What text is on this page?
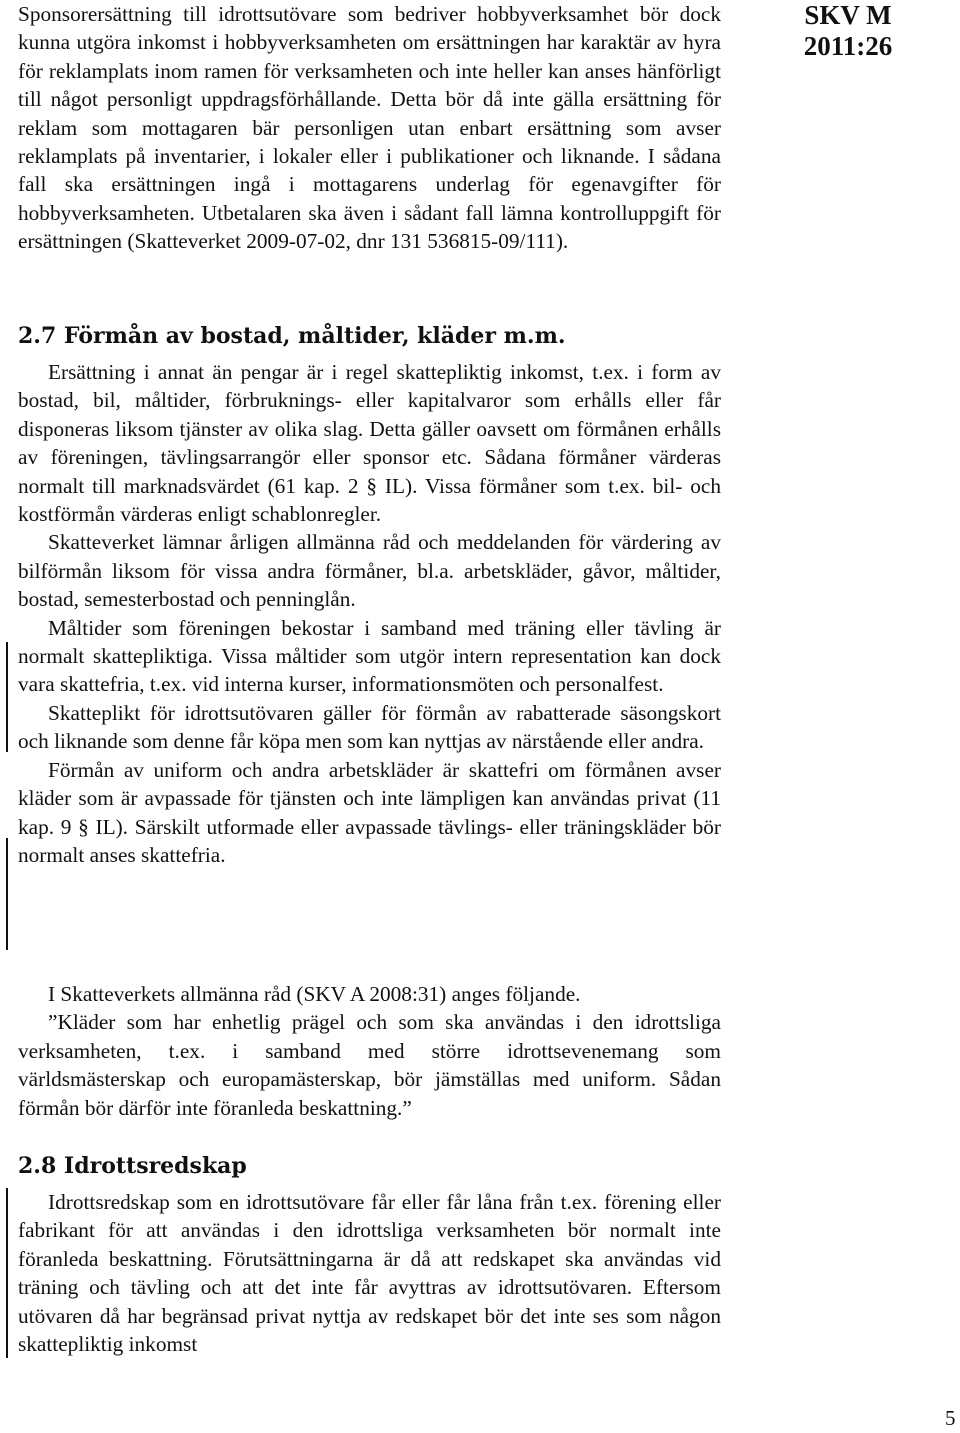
SKV M
2011:26

Sponsorersättning till idrottsutövare som bedriver hobbyverksamhet bör dock kunna utgöra inkomst i hobbyverksamheten om ersättningen har karaktär av hyra för reklamplats inom ramen för verksamheten och inte heller kan anses hänförligt till något personligt uppdragsförhållande. Detta bör då inte gälla ersättning för reklam som mottagaren bär personligen utan enbart ersättning som avser reklamplats på inventarier, i lokaler eller i publikationer och liknande. I sådana fall ska ersättningen ingå i mottagarens underlag för egenavgifter för hobbyverksamheten. Utbetalaren ska även i sådant fall lämna kontrolluppgift för ersättningen (Skatteverket 2009-07-02, dnr 131 536815-09/111).

2.7 Förmån av bostad, måltider, kläder m.m.

Ersättning i annat än pengar är i regel skattepliktig inkomst, t.ex. i form av bostad, bil, måltider, förbruknings- eller kapitalvaror som erhålls eller får disponeras liksom tjänster av olika slag. Detta gäller oavsett om förmånen erhålls av föreningen, tävlingsarrangör eller sponsor etc. Sådana förmåner värderas normalt till marknadsvärdet (61 kap. 2 § IL). Vissa förmåner som t.ex. bil- och kostförmån värderas enligt schablonregler.

Skatteverket lämnar årligen allmänna råd och meddelanden för värdering av bilförmån liksom för vissa andra förmåner, bl.a. arbetskläder, gåvor, måltider, bostad, semesterbostad och penninglån.

Måltider som föreningen bekostar i samband med träning eller tävling är normalt skattepliktiga. Vissa måltider som utgör intern representation kan dock vara skattefria, t.ex. vid interna kurser, informationsmöten och personalfest.

Skatteplikt för idrottsutövaren gäller för förmån av rabatterade säsongskort och liknande som denne får köpa men som kan nyttjas av närstående eller andra.

Förmån av uniform och andra arbetskläder är skattefri om förmånen avser kläder som är avpassade för tjänsten och inte lämpligen kan användas privat (11 kap. 9 § IL). Särskilt utformade eller avpassade tävlings- eller träningskläder bör normalt anses skattefria.

I Skatteverkets allmänna råd (SKV A 2008:31) anges följande.

”Kläder som har enhetlig prägel och som ska användas i den idrottsliga verksamheten, t.ex. i samband med större idrottsevenemang som världsmästerskap och europamästerskap, bör jämställas med uniform. Sådan förmån bör därför inte föranleda beskattning.”

2.8 Idrottsredskap

Idrottsredskap som en idrottsutövare får eller får låna från t.ex. förening eller fabrikant för att användas i den idrottsliga verksamheten bör normalt inte föranleda beskattning. Förutsättningarna är då att redskapet ska användas vid träning och tävling och att det inte får avyttras av idrottsutövaren. Eftersom utövaren då har begränsad privat nyttja av redskapet bör det inte ses som någon skattepliktig inkomst

5
